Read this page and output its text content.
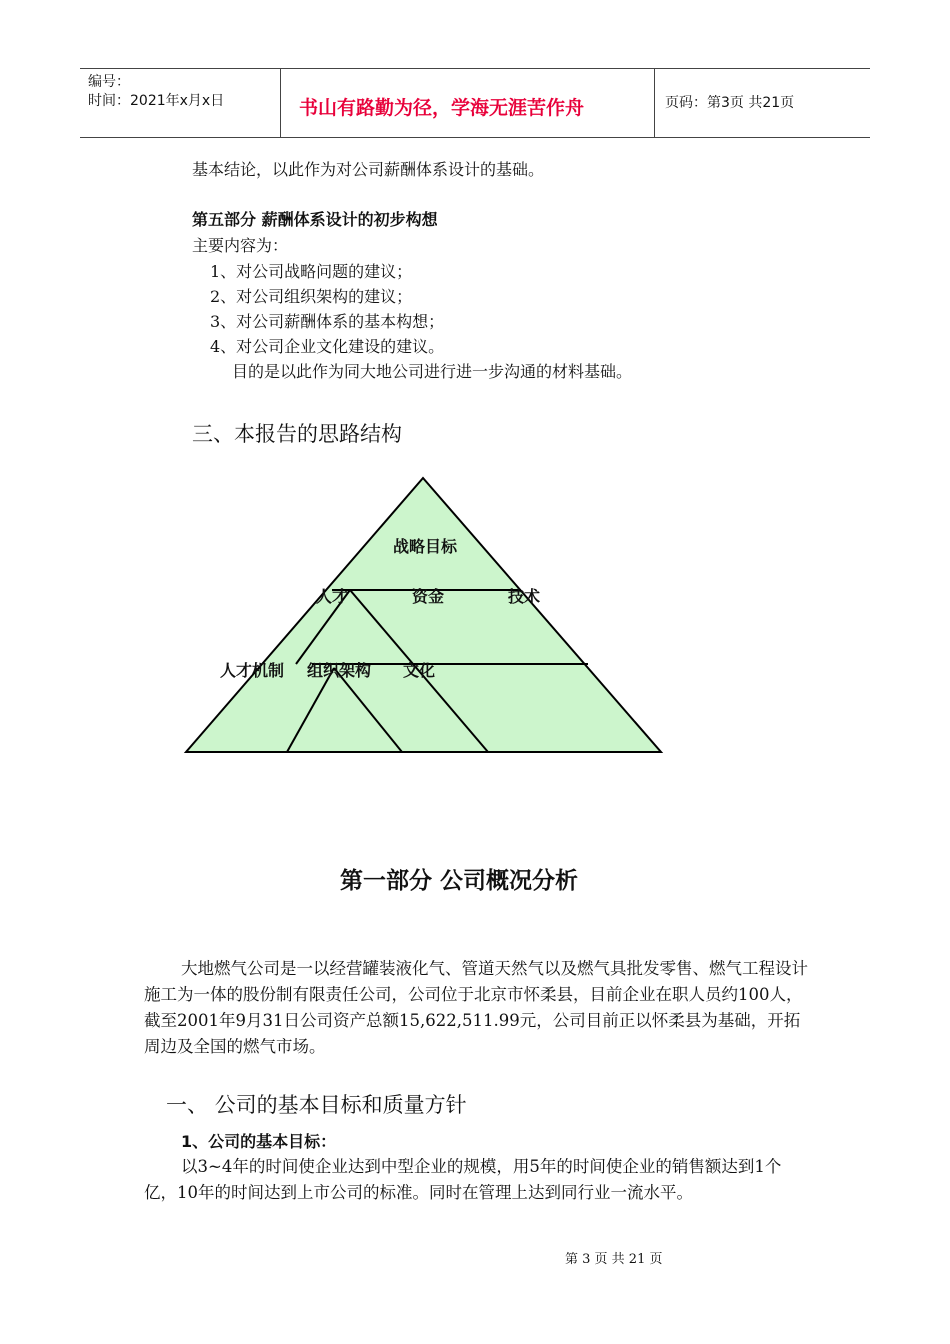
编号：
时间：2021年x月x日	书山有路勤为径，学海无涯苦作舟	页码：第3页 共21页
基本结论，以此作为对公司薪酬体系设计的基础。
第五部分 薪酬体系设计的初步构想
主要内容为：
1、对公司战略问题的建议；
2、对公司组织架构的建议；
3、对公司薪酬体系的基本构想；
4、对公司企业文化建设的建议。
目的是以此作为同大地公司进行进一步沟通的材料基础。
三、本报告的思路结构
战略目标
人才	资金	技术
人才机制 组织架构 文化
第一部分 公司概况分析
大地燃气公司是一以经营罐装液化气、管道天然气以及燃气具批发零售、燃气工程设计施工为一体的股份制有限责任公司，公司位于北京市怀柔县，目前企业在职人员约100人，截至2001年9月31日公司资产总额15,622,511.99元，公司目前正以怀柔县为基础，开拓周边及全国的燃气市场。
一、 公司的基本目标和质量方针
1、公司的基本目标：
以3~4年的时间使企业达到中型企业的规模，用5年的时间使企业的销售额达到1个亿，10年的时间达到上市公司的标准。同时在管理上达到同行业一流水平。
第 3 页 共 21 页
